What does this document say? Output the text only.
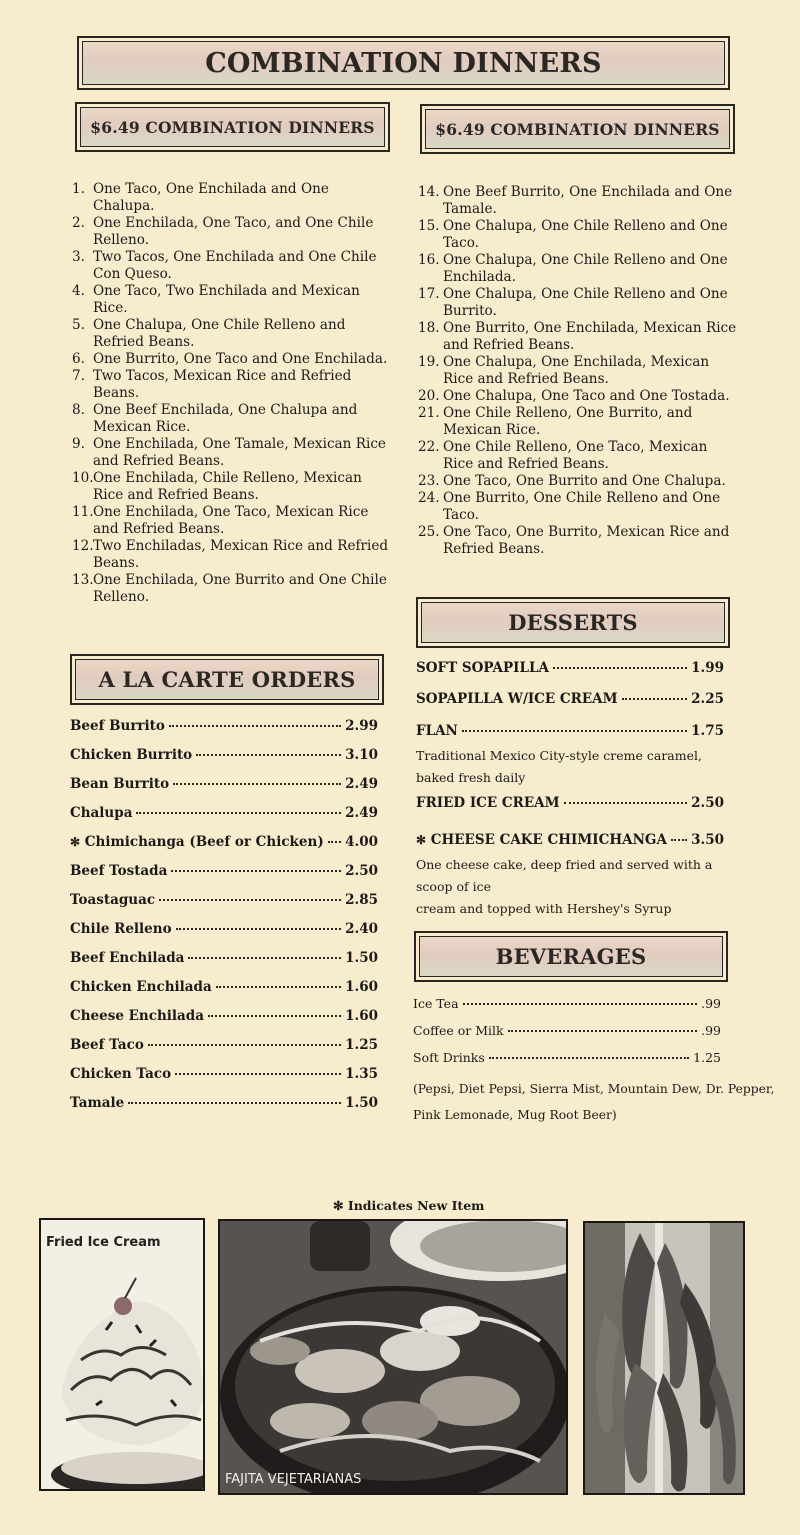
COMBINATION DINNERS
$6.49 COMBINATION DINNERS	$6.49 COMBINATION DINNERS
1. One Taco, One Enchilada and One Chalupa.
2. One Enchilada, One Taco, and One Chile Relleno.
3. Two Tacos, One Enchilada and One Chile Con Queso.
4. One Taco, Two Enchilada and Mexican Rice.
5. One Chalupa, One Chile Relleno and Refried Beans.
6. One Burrito, One Taco and One Enchilada.
7. Two Tacos, Mexican Rice and Refried Beans.
8. One Beef Enchilada, One Chalupa and Mexican Rice.
9. One Enchilada, One Tamale, Mexican Rice and Refried Beans.
10. One Enchilada, Chile Relleno, Mexican Rice and Refried Beans.
11. One Enchilada, One Taco, Mexican Rice and Refried Beans.
12. Two Enchiladas, Mexican Rice and Refried Beans.
13. One Enchilada, One Burrito and One Chile Relleno.
14. One Beef Burrito, One Enchilada and One Tamale.
15. One Chalupa, One Chile Relleno and One Taco.
16. One Chalupa, One Chile Relleno and One Enchilada.
17. One Chalupa, One Chile Relleno and One Burrito.
18. One Burrito, One Enchilada, Mexican Rice and Refried Beans.
19. One Chalupa, One Enchilada, Mexican Rice and Refried Beans.
20. One Chalupa, One Taco and One Tostada.
21. One Chile Relleno, One Burrito, and Mexican Rice.
22. One Chile Relleno, One Taco, Mexican Rice and Refried Beans.
23. One Taco, One Burrito and One Chalupa.
24. One Burrito, One Chile Relleno and One Taco.
25. One Taco, One Burrito, Mexican Rice and Refried Beans.
A LA CARTE ORDERS
Beef Burrito	2.99
Chicken Burrito	3.10
Bean Burrito	2.49
Chalupa	2.49
✻ Chimichanga (Beef or Chicken) 4.00
Beef Tostada	2.50
Toastaguac	2.85
Chile Relleno	2.40
Beef Enchilada	1.50
Chicken Enchilada	1.60
Cheese Enchilada	1.60
Beef Taco	1.25
Chicken Taco	1.35
Tamale	1.50
DESSERTS
SOFT SOPAPILLA	1.99
SOPAPILLA W/ICE CREAM	2.25
FLAN	1.75
Traditional Mexico City-style creme caramel,
baked fresh daily
FRIED ICE CREAM	2.50
✻ CHEESE CAKE CHIMICHANGA 3.50
One cheese cake, deep fried and served with a scoop of ice
cream and topped with Hershey's Syrup
BEVERAGES
Ice Tea	.99
Coffee or Milk	.99
Soft Drinks	1.25
(Pepsi, Diet Pepsi, Sierra Mist, Mountain Dew, Dr. Pepper,
Pink Lemonade, Mug Root Beer)
✻ Indicates New Item
Fried Ice Cream
FAJITA VEJETARIANAS
